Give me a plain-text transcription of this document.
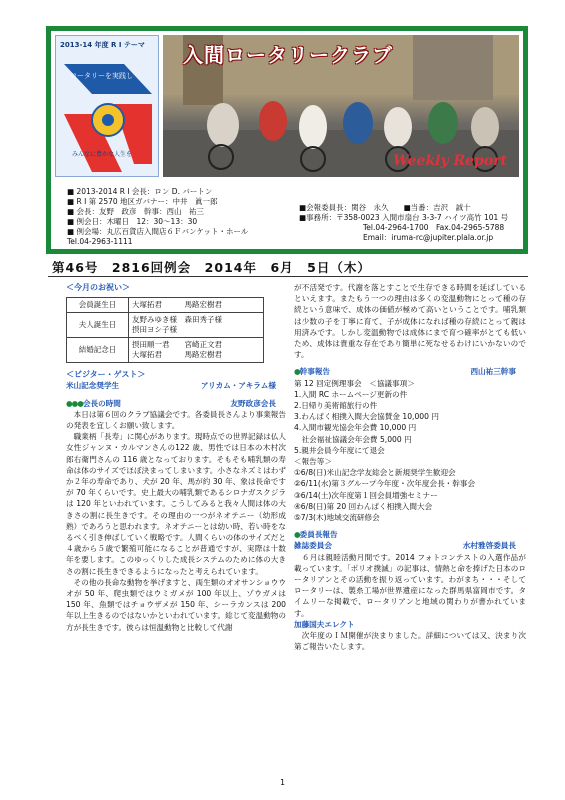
2013-14 年度 R I テーマ
ロータリーを実践し
みんなに豊かな人生を
入間ロータリークラブ
Weekly Report
■ 2013-2014 R I 会長：ロン D. バートン
■ R I 第 2570 地区ガバナー：中井　眞一郎
■ 会長：友野　政彦　幹事：西山　祐三
■ 例会日：木曜日　12：30～13：30
■ 例会場：丸広百貨店入間店６Ｆバンケット・ホール
Tel.04-2963-1111
■会報委員長：関谷　永久　　■当番：吉沢　誠十
■事務所：〒358-0023 入間市扇台 3-3-7 ハイツ高竹 101 号
Tel.04-2964-1700　Fax.04-2965-5788
Email：iruma-rc@jupiter.plala.or.jp
第46号　2816回例会　2014年　6月　5日（木）
＜今月のお祝い＞
会員誕生日	大塚拓君　　　 馬路宏樹君
夫人誕生日	友野みゆき様　森田秀子様
摂田ヨシ子様

結婚記念日	摂田順一君　　宮崎正文君
大塚拓君　　　馬路宏樹君
＜ビジター・ゲスト＞
米山記念奨学生	アリカム・アキラム様
●●●会長の時間	友野政彦会長
　本日は第６回のクラブ協議会です。各委員長さんより事業報告の発表を宜しくお願い致します。
　職業柄「長寿」に関心があります。現時点での世界記録は仏人女性ジャンヌ・カルマンさんの122 歳、男性では日本の木村次郎右衛門さんの 116 歳となっております。そもそも哺乳類の寿命は体のサイズでほぼ決まってしまいます。小さなネズミはわずか２年の寿命であり、犬が 20 年、馬が約 30 年、象は長命ですが 70 年くらいです。史上最大の哺乳類であるシロナガスクジラは 120 年といわれています。こうしてみると我々人間は体の大きさの割に長生きです。その理由の一つがネオテニー（幼形成熟）であろうと思われます。ネオテニーとは幼い時、若い時をなるべく引き伸ばしていく戦略です。人間くらいの体のサイズだと４歳から５歳で繁殖可能になることが普通ですが、実際は十数年を要します。このゆっくりした成長システムのために体の大きさの割に長生きできるようになったと考えられています。
　その他の長命な動物を挙げますと、両生類のオオサンショウウオが 50 年、爬虫類ではウミガメが 100 年以上、ゾウガメは 150 年、魚類ではチョウザメが 150 年、シーラカンスは 200 年以上生きるのではないかといわれています。総じて変温動物の方が長生きです。彼らは恒温動物と比較して代謝
が不活発です。代謝を落とすことで生存できる時間を延ばしているといえます。またもう一つの理由は多くの変温動物にとって種の存続という意味で、成体の価値が極めて高いということです。哺乳類は少数の子を丁寧に育て、子が成体になれば種の存続にとって親は用済みです。しかし変温動物では成体にまで育つ確率がとても低いため、成体は貴重な存在であり簡単に死なせるわけにいかないのです。
●幹事報告	西山祐三幹事
第 12 回定例理事会　＜協議事項＞
1.入間 RC ホームページ更新の件
2.日帰り美術館旅行の件
3.わんぱく相撲入間大会協賛金 10,000 円
4.入間市観光協会年会費 10,000 円
　社会福祉協議会年会費 5,000 円
5.親井会員今年度にて退会
＜報告等＞
①6/8(日)米山記念学友総会と新規奨学生歓迎会
②6/11(水)第３グループ今年度・次年度会長・幹事会
③6/14(土)次年度第１回会員増強セミナー
④6/8(日)第 20 回わんぱく相撲入間大会
⑤7/3(木)地域交流研修会
●委員長報告
雑誌委員会	水村雅啓委員長
　６月は親睦活動月間です。2014 フォトコンテストの入選作品が載っています。「ポリオ撲滅」の記事は、情熱と命を捧げた日本のロータリアンとその活動を振り返っています。わがまち・・・そしてロータリーは、製糸工場が世界遺産になった群馬県富岡市です。タイムリーな掲載で、ロータリアンと地域の関わりが書かれています。
加藤国夫エレクト
　次年度のＩＭ開催が決まりました。詳細については又、決まり次第ご報告いたします。
1
